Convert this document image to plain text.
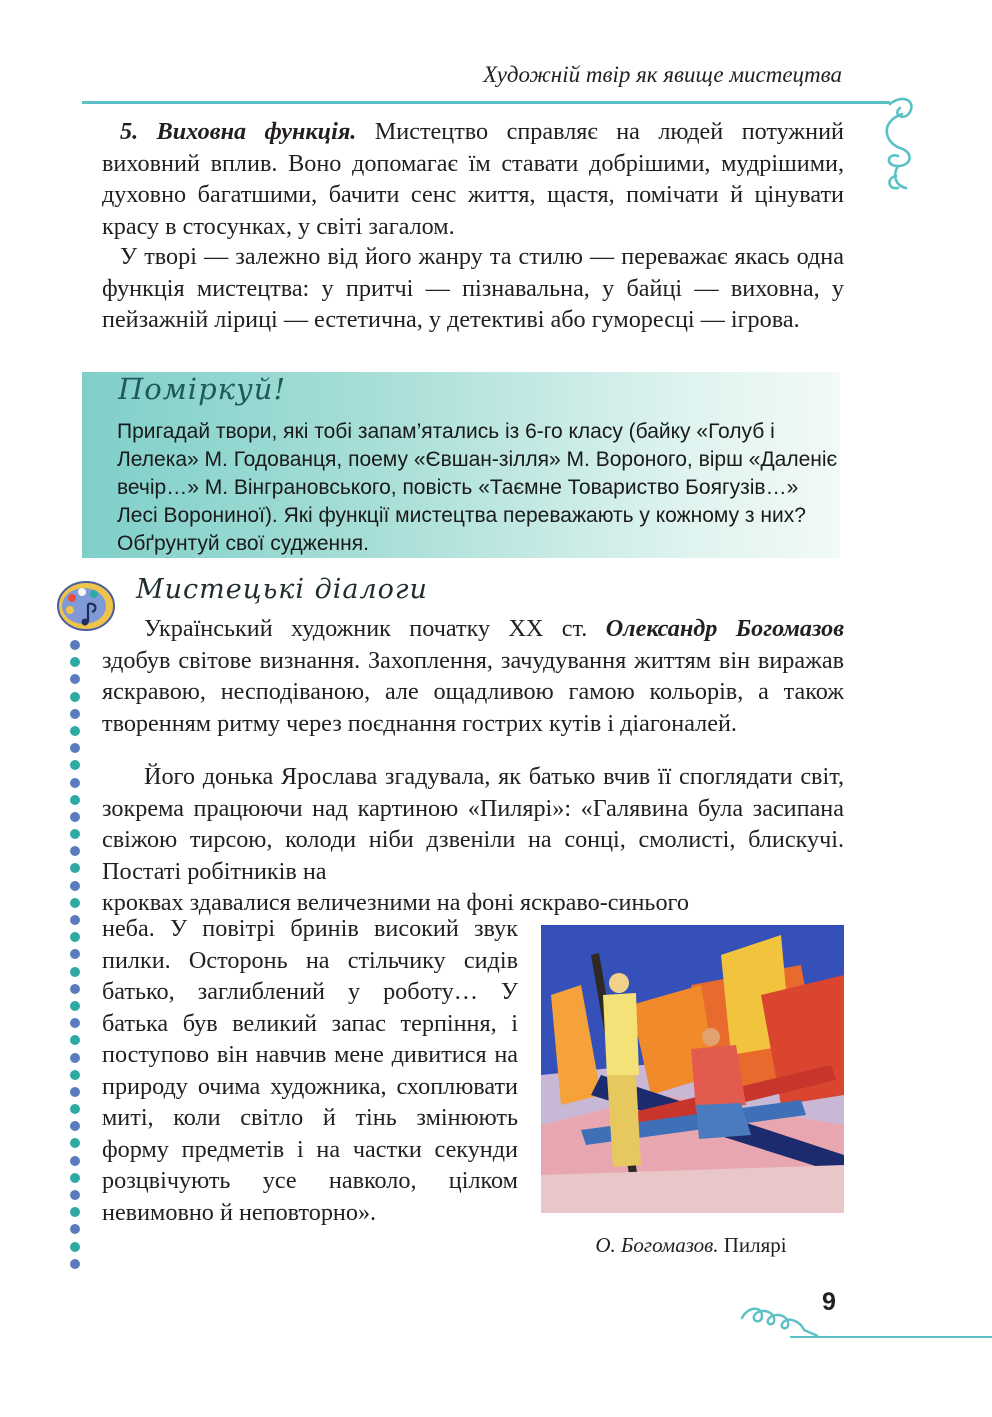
Художній твір як явище мистецтва
5. Виховна функція. Мистецтво справляє на людей потужний виховний вплив. Воно допомагає їм ставати добрішими, мудрішими, духовно багатшими, бачити сенс життя, щастя, помічати й цінувати красу в стосунках, у світі загалом.
У творі — залежно від його жанру та стилю — переважає якась одна функція мистецтва: у притчі — пізнавальна, у байці — виховна, у пейзажній ліриці — естетична, у детективі або гуморесці — ігрова.
Поміркуй!
Пригадай твори, які тобі запам’ятались із 6-го класу (байку «Голуб і Лелека» М. Годованця, поему «Євшан-зілля» М. Вороного, вірш «Даленіє вечір…» М. Вінграновського, повість «Таємне Товариство Боягузів…» Лесі Ворониної). Які функції мистецтва переважають у кожному з них? Обґрунтуй свої судження.
Мистецькі діалоги
Український художник початку XX ст. Олександр Богомазов здобув світове визнання. Захоплення, зачудування життям він виражав яскравою, несподіваною, але ощадливою гамою кольорів, а також творенням ритму через поєднання гострих кутів і діагоналей.
Його донька Ярослава згадувала, як батько вчив її споглядати світ, зокрема працюючи над картиною «Пилярі»: «Галявина була засипана свіжою тирсою, колоди ніби дзвеніли на сонці, смолисті, блискучі. Постаті робітників на
кроквах здавалися величезними на фоні яскраво-синього
неба. У повітрі бринів високий звук пилки. Осторонь на стільчику сидів батько, заглиблений у роботу… У батька був великий запас терпіння, і поступово він навчив мене дивитися на природу очима художника, схоплювати миті, коли світло й тінь змінюють форму предметів і на частки секунди розцвічують усе навколо, цілком невимовно й неповторно».
О. Богомазов. Пилярі
9
